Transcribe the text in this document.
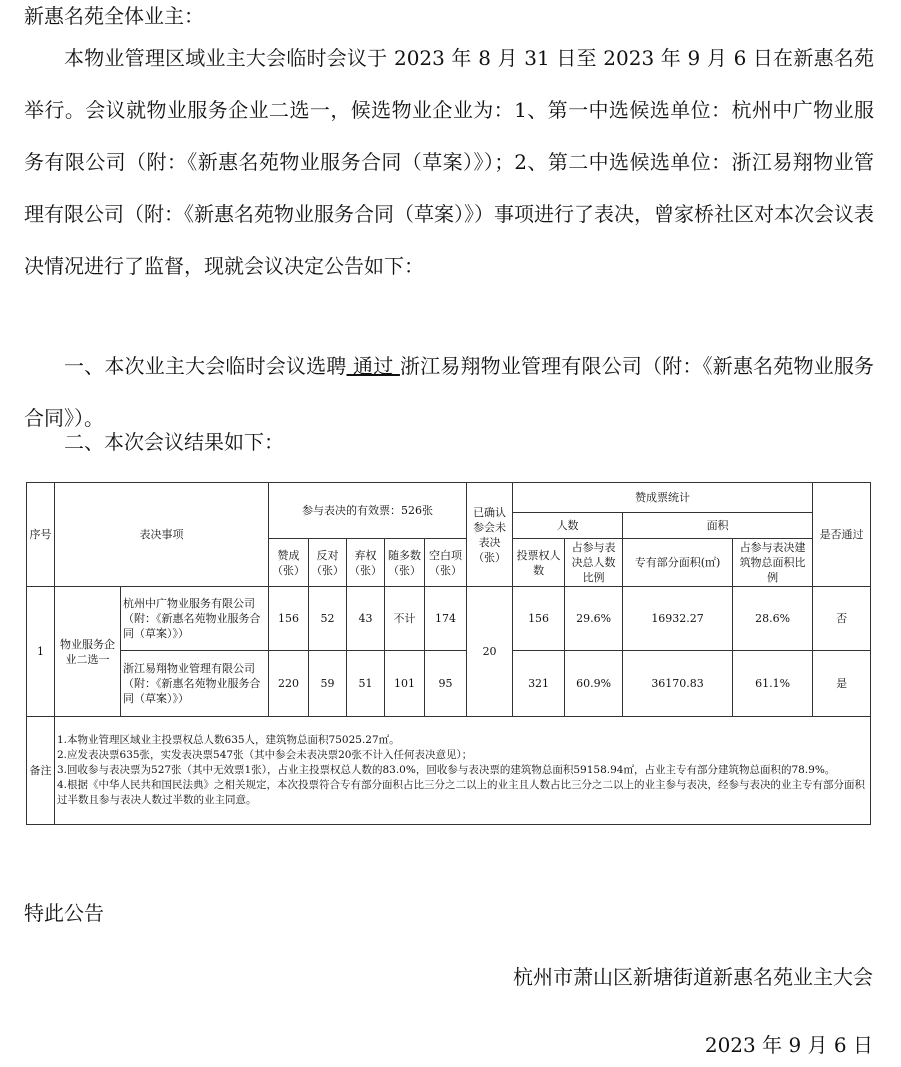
新惠名苑全体业主：

本物业管理区域业主大会临时会议于 2023 年 8 月 31 日至 2023 年 9 月 6 日在新惠名苑举行。会议就物业服务企业二选一，候选物业企业为：1、第一中选候选单位：杭州中广物业服务有限公司（附：《新惠名苑物业服务合同（草案）》）；2、第二中选候选单位：浙江易翔物业管理有限公司（附：《新惠名苑物业服务合同（草案）》）事项进行了表决，曾家桥社区对本次会议表决情况进行了监督，现就会议决定公告如下：

一、本次业主大会临时会议选聘 通过 浙江易翔物业管理有限公司（附：《新惠名苑物业服务合同》）。

二、本次会议结果如下：

序号	表决事项		参与表决的有效票：526张					已确认参会未表决（张）	赞成票统计				是否通过
									人数		面积		
			赞成（张）	反对（张）	弃权（张）	随多数（张）	空白项（张）		投票权人数	占参与表决总人数比例	专有部分面积(㎡)	占参与表决建筑物总面积比例	
1	物业服务企业二选一	杭州中广物业服务有限公司（附：《新惠名苑物业服务合同（草案）》）	156	52	43	不计	174	20	156	29.6%	16932.27	28.6%	否
		浙江易翔物业管理有限公司（附：《新惠名苑物业服务合同（草案）》）	220	59	51	101	95		321	60.9%	36170.83	61.1%	是
备注	1.本物业管理区域业主投票权总人数635人，建筑物总面积75025.27㎡。
2.应发表决票635张，实发表决票547张（其中参会未表决票20张不计入任何表决意见）；
3.回收参与表决票为527张（其中无效票1张），占业主投票权总人数的83.0%，回收参与表决票的建筑物总面积59158.94㎡，占业主专有部分建筑物总面积的78.9%。
4.根据《中华人民共和国民法典》之相关规定，本次投票符合专有部分面积占比三分之二以上的业主且人数占比三分之二以上的业主参与表决，经参与表决的业主专有部分面积过半数且参与表决人数过半数的业主同意。												

特此公告

杭州市萧山区新塘街道新惠名苑业主大会

2023 年 9 月 6 日
